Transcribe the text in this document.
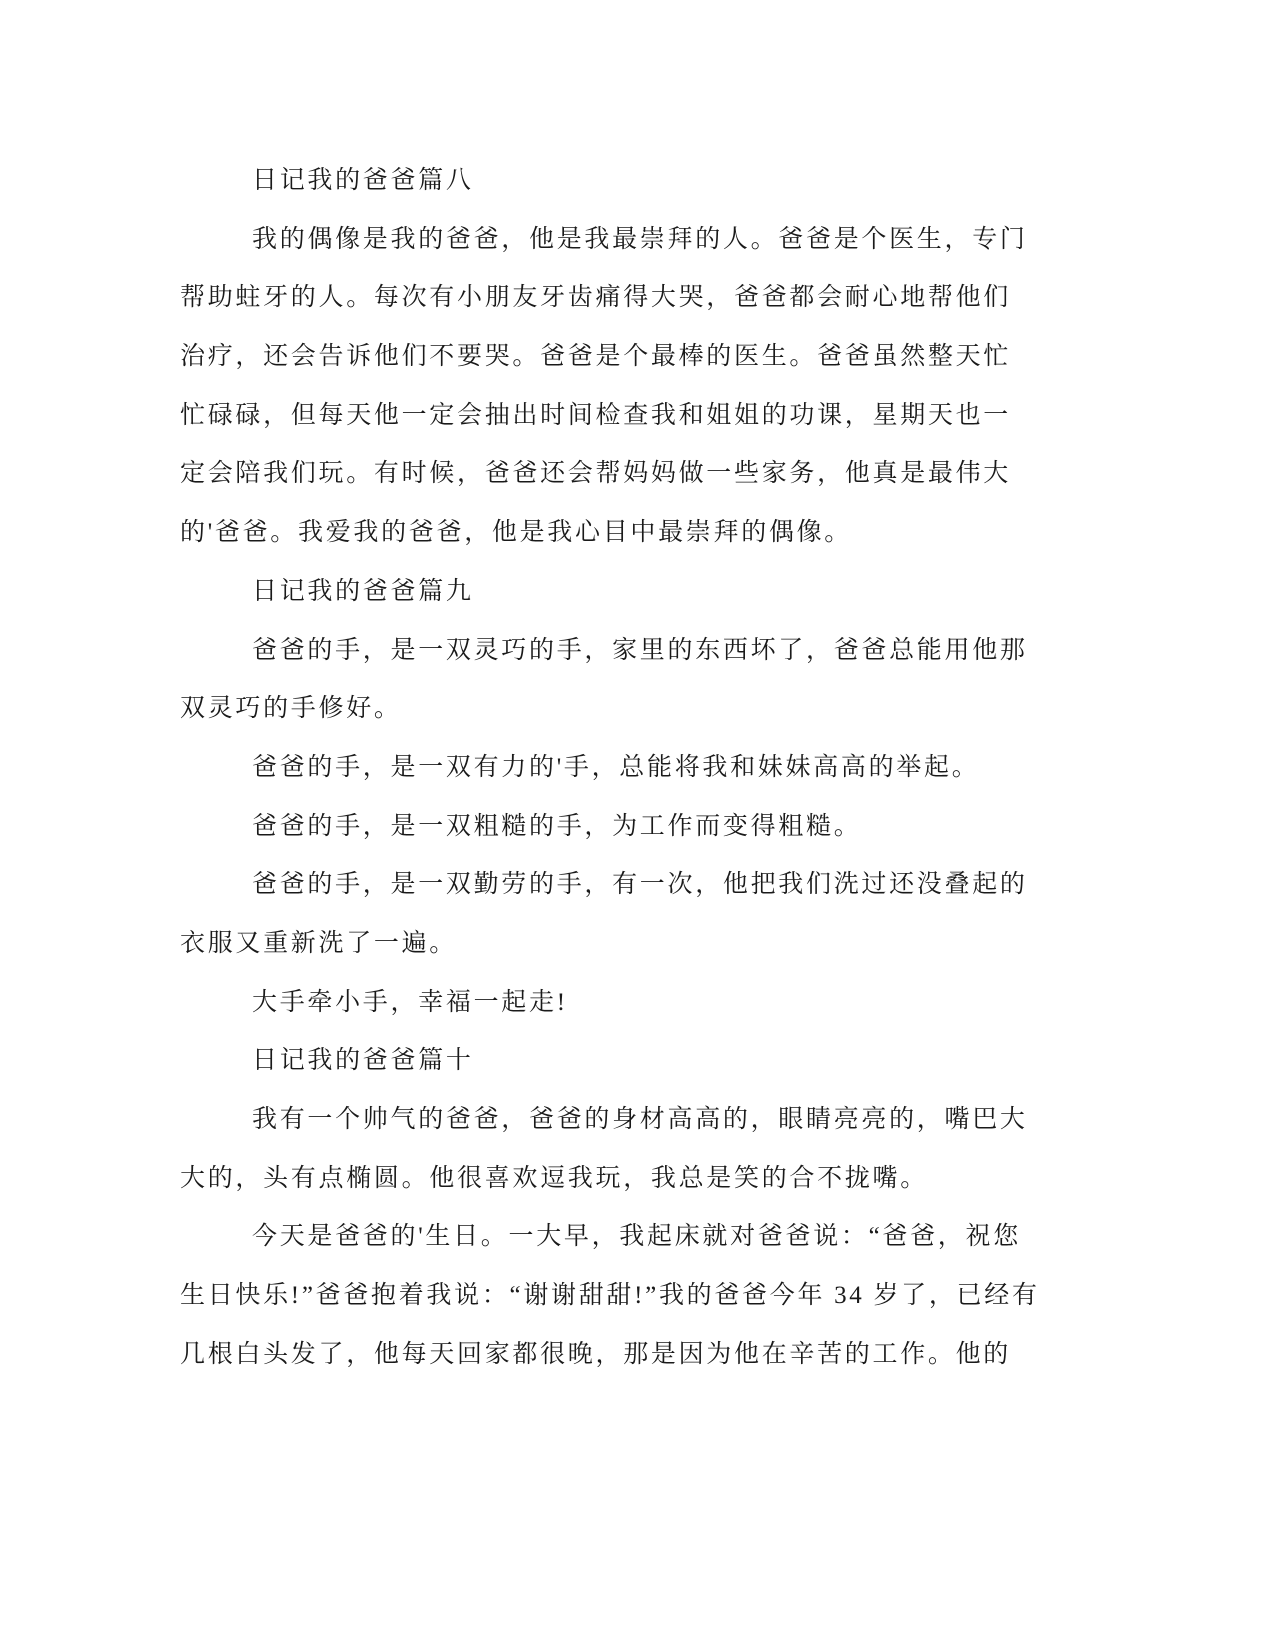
日记我的爸爸篇八
我的偶像是我的爸爸，他是我最崇拜的人。爸爸是个医生，专门
帮助蛀牙的人。每次有小朋友牙齿痛得大哭，爸爸都会耐心地帮他们
治疗，还会告诉他们不要哭。爸爸是个最棒的医生。爸爸虽然整天忙
忙碌碌，但每天他一定会抽出时间检查我和姐姐的功课，星期天也一
定会陪我们玩。有时候，爸爸还会帮妈妈做一些家务，他真是最伟大
的'爸爸。我爱我的爸爸，他是我心目中最崇拜的偶像。
日记我的爸爸篇九
爸爸的手，是一双灵巧的手，家里的东西坏了，爸爸总能用他那
双灵巧的手修好。
爸爸的手，是一双有力的'手，总能将我和妹妹高高的举起。
爸爸的手，是一双粗糙的手，为工作而变得粗糙。
爸爸的手，是一双勤劳的手，有一次，他把我们洗过还没叠起的
衣服又重新洗了一遍。
大手牵小手，幸福一起走!
日记我的爸爸篇十
我有一个帅气的爸爸，爸爸的身材高高的，眼睛亮亮的，嘴巴大
大的，头有点椭圆。他很喜欢逗我玩，我总是笑的合不拢嘴。
今天是爸爸的'生日。一大早，我起床就对爸爸说：“爸爸，祝您
生日快乐!”爸爸抱着我说：“谢谢甜甜!”我的爸爸今年 34 岁了，已经有
几根白头发了，他每天回家都很晚，那是因为他在辛苦的工作。他的
